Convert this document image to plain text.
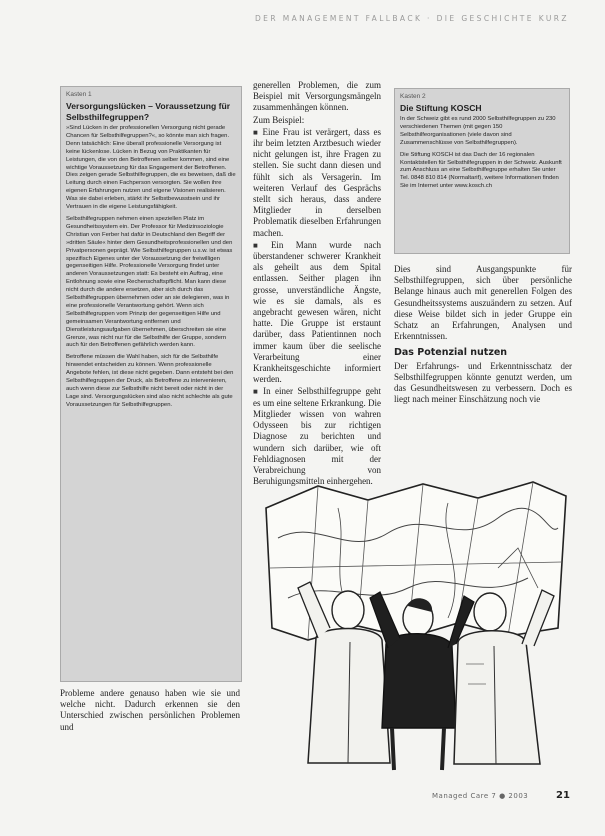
DER MANAGEMENT FALLBACK · DIE GESCHICHTE KURZ
Kasten 1
Versorgungslücken – Voraussetzung für Selbsthilfegruppen?

»Sind Lücken in der professionellen Versorgung nicht gerade Chancen für Selbsthilfegruppen?«, so könnte man sich fragen. Denn tatsächlich: Eine überall professionelle Versorgung ist keine lückenlose. Lücken in Bezug von Praktikanten für Leistungen, die von den Betroffenen selber kommen, sind eine wichtige Voraussetzung für das Engagement der Betroffenen. Dies zeigen gerade Selbsthilfegruppen, die es beweisen, daß die Leitung durch einen Fachperson versorgten. Sie wollen ihre eigenen Erfahrungen nutzen und eigene Visionen realisieren. Was sie dabei erleben, stärkt ihr Selbstbewusstsein und ihr Vertrauen in die eigene Leistungsfähigkeit.

Selbsthilfegruppen nehmen einen speziellen Platz im Gesundheitssystem ein. Der Professor für Medizinsoziologie Christian von Ferber hat dafür in Deutschland den Begriff der »dritten Säule« hinter dem Gesundheitsprofessionellen und den Privatpersonen geprägt. Wie Selbsthilfegruppen u.s.w. ist etwas spezifisch Eigenes unter der Voraussetzung der freiwilligen gegenseitigen Hilfe. Professionelle Versorgung findet unter anderen Voraussetzungen statt: Es besteht ein Auftrag, eine Entlohnung sowie eine Rechenschaftspflicht. Man kann diese nicht durch die andere ersetzen, aber sich durch das Selbsthilfegruppen übernehmen oder an sie delegieren, was in eine professionelle Verantwortung gehört. Wenn sich Selbsthilfegruppen vom Prinzip der gegenseitigen Hilfe und gemeinsamen Verantwortung entfernen und Dienstleistungsaufgaben übernehmen, überschreiten sie eine Grenze, was nicht nur für die Selbsthilfe der Gruppe, sondern auch für den Betroffenen gefährlich werden kann.

Betroffene müssen die Wahl haben, sich für die Selbsthilfe hinwendet entscheiden zu können. Wenn professionelle Angebote fehlen, ist diese nicht gegeben. Dann entsteht bei den Selbsthilfegruppen der Druck, als Betroffene zu intervenieren, auch wenn diese zur Selbsthilfe nicht bereit oder nicht in der Lage sind. Versorgungslücken sind also nicht schlechte als gute Voraussetzungen für Selbsthilfegruppen.

Kasten 2
Die Stiftung KOSCH

In der Schweiz gibt es rund 2000 Selbsthilfegruppen zu 230 verschiedenen Themen (mit gegen 150 Selbsthilfeorganisationen (viele davon sind Zusammenschlüsse von Selbsthilfegruppen).

Die Stiftung KOSCH ist das Dach der 16 regionalen Kontaktstellen für Selbsthilfegruppen in der Schweiz. Auskunft zum Anschluss an eine Selbsthilfegruppe erhalten Sie unter Tel. 0848 810 814 (Normaltarif), weitere Informationen finden Sie im Internet unter www.kosch.ch

generellen Problemen, die zum Beispiel mit Versorgungsmängeln zusammenhängen können.

Zum Beispiel:

■ Eine Frau ist verärgert, dass es ihr beim letzten Arztbesuch wieder nicht gelungen ist, ihre Fragen zu stellen. Sie sucht dann diesen und fühlt sich als Versagerin. Im weiteren Verlauf des Gesprächs stellt sich heraus, dass andere Mitglieder in derselben Problematik dieselben Erfahrungen machen.

■ Ein Mann wurde nach überstandener schwerer Krankheit als geheilt aus dem Spital entlassen. Seither plagen ihn grosse, unverständliche Ängste, wie es sie damals, als es angebracht gewesen wären, nicht hatte. Die Gruppe ist erstaunt darüber, dass Patientinnen noch immer kaum über die seelische Verarbeitung einer Krankheitsgeschichte informiert werden.

■ In einer Selbsthilfegruppe geht es um eine seltene Erkrankung. Die Mitglieder wissen von wahren Odysseen bis zur richtigen Diagnose zu berichten und wundern sich darüber, wie oft Fehldiagnosen mit der Verabreichung von Beruhigungsmitteln einhergehen.

Dies sind Ausgangspunkte für Selbsthilfegruppen, sich über persönliche Belange hinaus auch mit generellen Folgen des Gesundheitssystems auszuändern zu setzen. Auf diese Weise bildet sich in jeder Gruppe ein Schatz an Erfahrungen, Analysen und Erkenntnissen.

Das Potenzial nutzen

Der Erfahrungs- und Erkenntnisschatz der Selbsthilfegruppen könnte genutzt werden, um das Gesundheitswesen zu verbessern. Doch es liegt nach meiner Einschätzung noch vie

Probleme andere genauso haben wie sie und welche nicht. Dadurch erkennen sie den Unterschied zwischen persönlichen Problemen und

Managed Care 7 ● 2003	21
